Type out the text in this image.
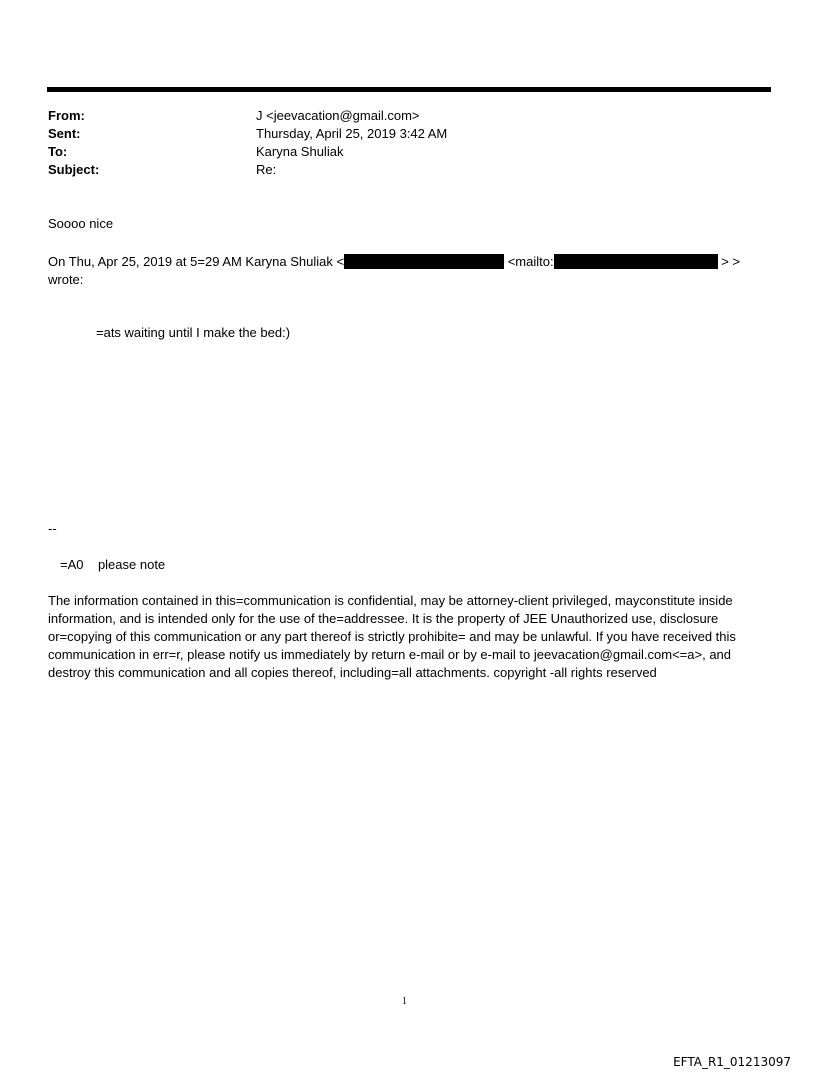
From:	J <jeevacation@gmail.com>
Sent:	Thursday, April 25, 2019 3:42 AM
To:	Karyna Shuliak
Subject:	Re:
Soooo nice
On Thu, Apr 25, 2019 at 5=29 AM Karyna Shuliak <	<mailto:	> >
wrote:
=ats waiting until I make the bed:)
--
=A0    please note
The information contained in this=communication is confidential, may be attorney-client privileged, mayconstitute inside information, and is intended only for the use of the=addressee. It is the property of JEE Unauthorized use, disclosure or=copying of this communication or any part thereof is strictly prohibite= and may be unlawful. If you have received this communication in err=r, please notify us immediately by return e-mail or by e-mail to jeevacation@gmail.com<=a>, and destroy this communication and all copies thereof, including=all attachments. copyright -all rights reserved
1
EFTA_R1_01213097
